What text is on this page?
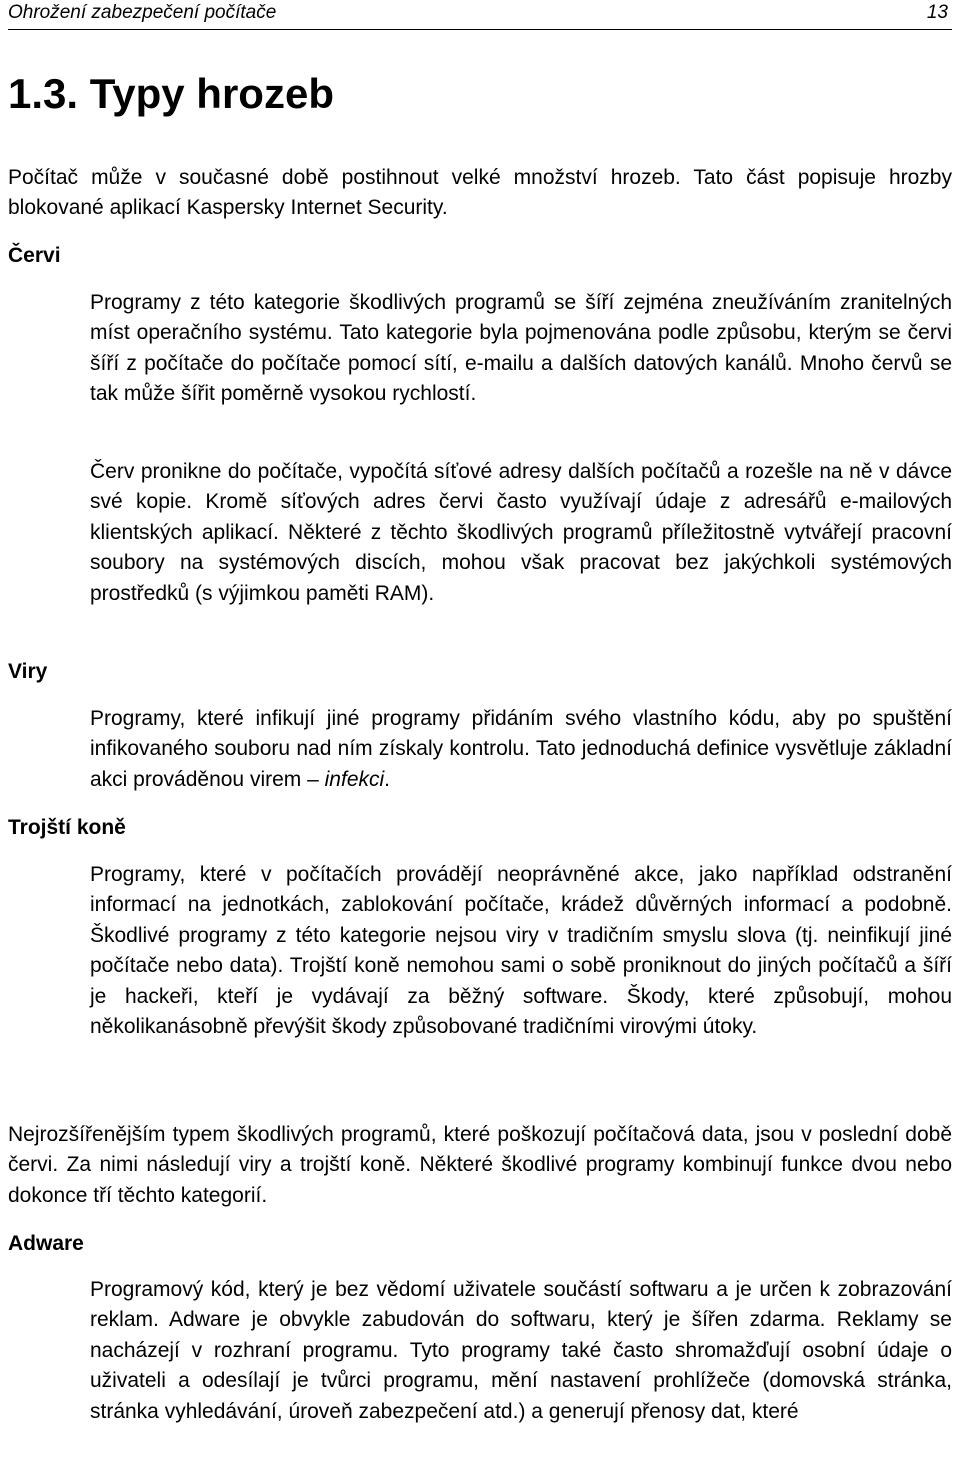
Ohrožení zabezpečení počítače	13
1.3. Typy hrozeb

Počítač může v současné době postihnout velké množství hrozeb. Tato část popisuje hrozby blokované aplikací Kaspersky Internet Security.

Červi

Programy z této kategorie škodlivých programů se šíří zejména zneužíváním zranitelných míst operačního systému. Tato kategorie byla pojmenována podle způsobu, kterým se červi šíří z počítače do počítače pomocí sítí, e-mailu a dalších datových kanálů. Mnoho červů se tak může šířit poměrně vysokou rychlostí.

Červ pronikne do počítače, vypočítá síťové adresy dalších počítačů a rozešle na ně v dávce své kopie. Kromě síťových adres červi často využívají údaje z adresářů e-mailových klientských aplikací. Některé z těchto škodlivých programů příležitostně vytvářejí pracovní soubory na systémových discích, mohou však pracovat bez jakýchkoli systémových prostředků (s výjimkou paměti RAM).

Viry

Programy, které infikují jiné programy přidáním svého vlastního kódu, aby po spuštění infikovaného souboru nad ním získaly kontrolu. Tato jednoduchá definice vysvětluje základní akci prováděnou virem – infekci.

Trojští koně

Programy, které v počítačích provádějí neoprávněné akce, jako například odstranění informací na jednotkách, zablokování počítače, krádež důvěrných informací a podobně. Škodlivé programy z této kategorie nejsou viry v tradičním smyslu slova (tj. neinfikují jiné počítače nebo data). Trojští koně nemohou sami o sobě proniknout do jiných počítačů a šíří je hackeři, kteří je vydávají za běžný software. Škody, které způsobují, mohou několikanásobně převýšit škody způsobované tradičními virovými útoky.

Nejrozšířenějším typem škodlivých programů, které poškozují počítačová data, jsou v poslední době červi. Za nimi následují viry a trojští koně. Některé škodlivé programy kombinují funkce dvou nebo dokonce tří těchto kategorií.

Adware

Programový kód, který je bez vědomí uživatele součástí softwaru a je určen k zobrazování reklam. Adware je obvykle zabudován do softwaru, který je šířen zdarma. Reklamy se nacházejí v rozhraní programu. Tyto programy také často shromažďují osobní údaje o uživateli a odesílají je tvůrci programu, mění nastavení prohlížeče (domovská stránka, stránka vyhledávání, úroveň zabezpečení atd.) a generují přenosy dat, které
